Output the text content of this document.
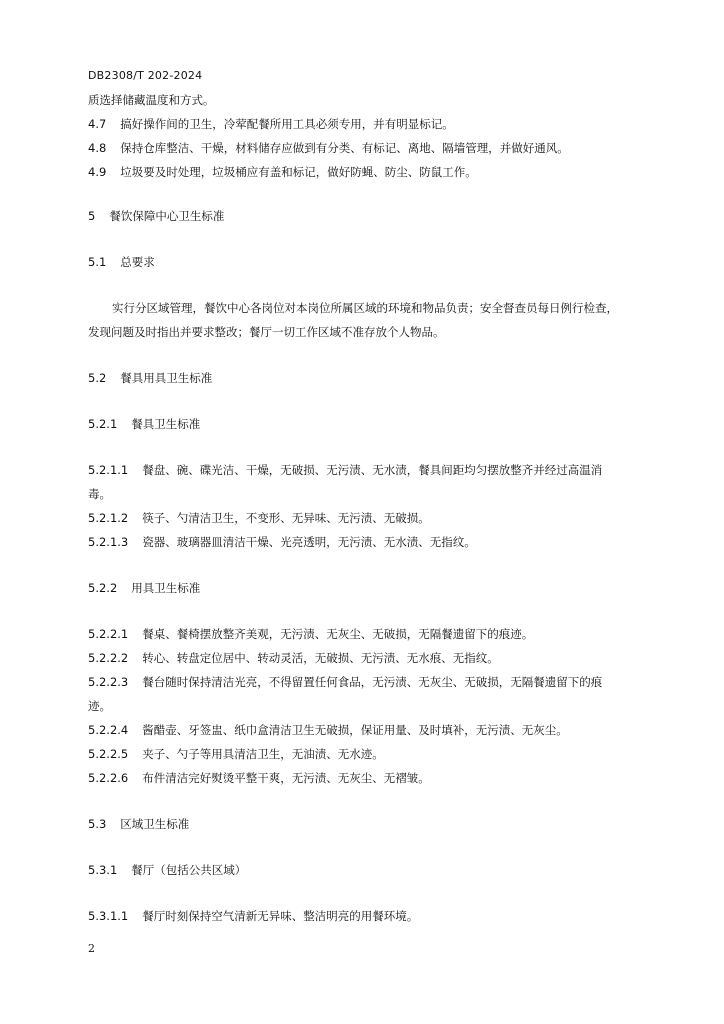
DB2308/T 202-2024
质选择储藏温度和方式。
4.7 搞好操作间的卫生，冷荤配餐所用工具必须专用，并有明显标记。
4.8 保持仓库整洁、干燥，材料储存应做到有分类、有标记、离地、隔墙管理，并做好通风。
4.9 垃圾要及时处理，垃圾桶应有盖和标记，做好防蝇、防尘、防鼠工作。
5 餐饮保障中心卫生标准
5.1 总要求
实行分区域管理，餐饮中心各岗位对本岗位所属区域的环境和物品负责；安全督查员每日例行检查，
发现问题及时指出并要求整改；餐厅一切工作区域不准存放个人物品。
5.2 餐具用具卫生标准
5.2.1 餐具卫生标准
5.2.1.1 餐盘、碗、碟光洁、干燥，无破损、无污渍、无水渍，餐具间距均匀摆放整齐并经过高温消
毒。
5.2.1.2 筷子、勺清洁卫生，不变形、无异味、无污渍、无破损。
5.2.1.3 瓷器、玻璃器皿清洁干燥、光亮透明，无污渍、无水渍、无指纹。
5.2.2 用具卫生标准
5.2.2.1 餐桌、餐椅摆放整齐美观，无污渍、无灰尘、无破损，无隔餐遗留下的痕迹。
5.2.2.2 转心、转盘定位居中、转动灵活，无破损、无污渍、无水痕、无指纹。
5.2.2.3 餐台随时保持清洁光亮，不得留置任何食品，无污渍、无灰尘、无破损，无隔餐遗留下的痕
迹。
5.2.2.4 酱醋壶、牙签盅、纸巾盒清洁卫生无破损，保证用量、及时填补，无污渍、无灰尘。
5.2.2.5 夹子、勺子等用具清洁卫生，无油渍、无水迹。
5.2.2.6 布件清洁完好熨烫平整干爽，无污渍、无灰尘、无褶皱。
5.3 区域卫生标准
5.3.1 餐厅（包括公共区域）
5.3.1.1 餐厅时刻保持空气清新无异味、整洁明亮的用餐环境。
2
